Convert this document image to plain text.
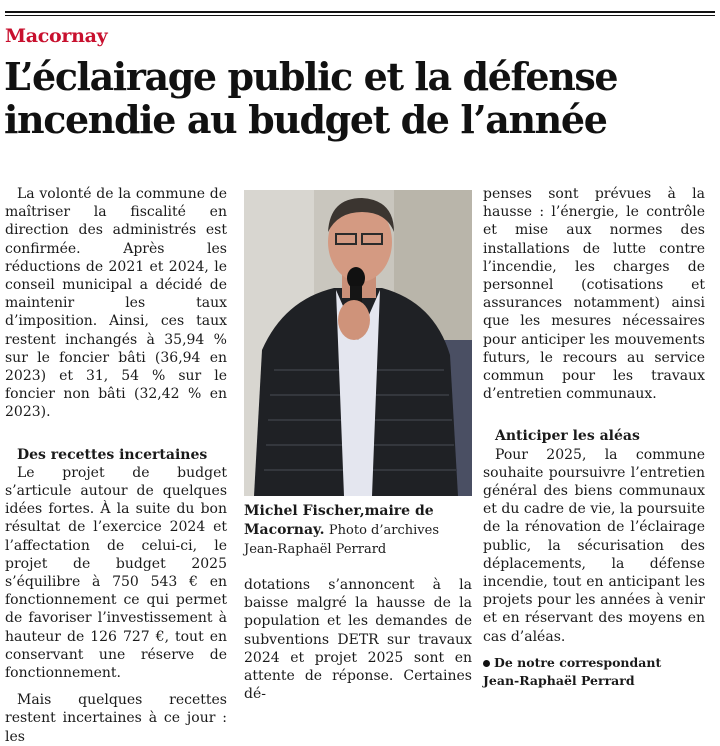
Macornay
L’éclairage public et la défense incendie au budget de l’année

La volonté de la commune de maîtriser la fiscalité en direction des administrés est confirmée. Après les réductions de 2021 et 2024, le conseil municipal a décidé de maintenir les taux d’imposition. Ainsi, ces taux restent inchangés à 35,94 % sur le foncier bâti (36,94 en 2023) et 31, 54 % sur le foncier non bâti (32,42 % en 2023).

Des recettes incertaines

Le projet de budget s’articule autour de quelques idées fortes. À la suite du bon résultat de l’exercice 2024 et l’affectation de celui-ci, le projet de budget 2025 s’équilibre à 750 543 € en fonctionnement ce qui permet de favoriser l’investissement à hauteur de 126 727 €, tout en conservant une réserve de fonctionnement.

Mais quelques recettes restent incertaines à ce jour : les

Michel Fischer,maire de Macornay. Photo d’archives Jean-Raphaël Perrard

dotations s’annoncent à la baisse malgré la hausse de la population et les demandes de subventions DETR sur travaux 2024 et projet 2025 sont en attente de réponse. Certaines dé-

penses sont prévues à la hausse : l’énergie, le contrôle et mise aux normes des installations de lutte contre l’incendie, les charges de personnel (cotisations et assurances notamment) ainsi que les mesures nécessaires pour anticiper les mouvements futurs, le recours au service commun pour les travaux d’entretien communaux.

Anticiper les aléas

Pour 2025, la commune souhaite poursuivre l’entretien général des biens communaux et du cadre de vie, la poursuite de la rénovation de l’éclairage public, la sécurisation des déplacements, la défense incendie, tout en anticipant les projets pour les années à venir et en réservant des moyens en cas d’aléas.

De notre correspondant
Jean-Raphaël Perrard
